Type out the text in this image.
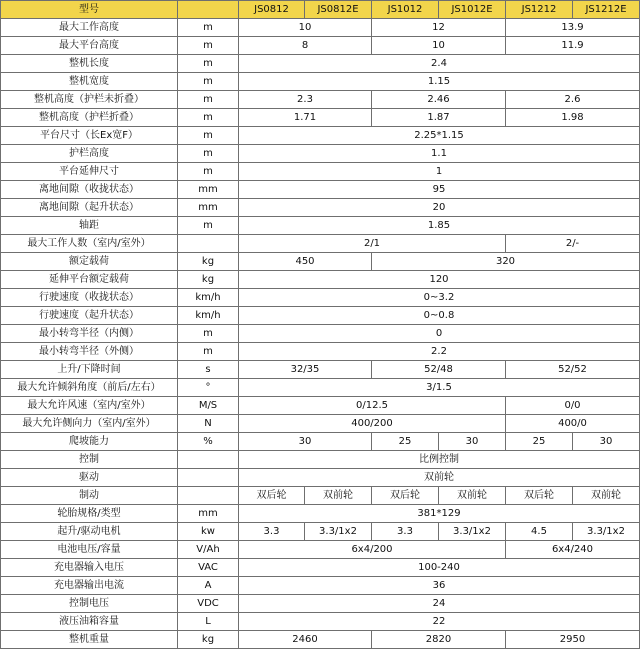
型号		JS0812	JS0812E	JS1012	JS1012E	JS1212	JS1212E
最大工作高度	m	10		12		13.9	
最大平台高度	m	8		10		11.9	
整机长度	m	2.4					
整机宽度	m	1.15					
整机高度（护栏未折叠）	m	2.3		2.46		2.6	
整机高度（护栏折叠）	m	1.71		1.87		1.98	
平台尺寸（长Ex宽F）	m	2.25*1.15					
护栏高度	m	1.1					
平台延伸尺寸	m	1					
离地间隙（收拢状态）	mm	95					
离地间隙（起升状态）	mm	20					
轴距	m	1.85					
最大工作人数（室内/室外）		2/1				2/-	
额定载荷	kg	450		320			
延伸平台额定载荷	kg	120					
行驶速度（收拢状态）	km/h	0~3.2					
行驶速度（起升状态）	km/h	0~0.8					
最小转弯半径（内侧）	m	0					
最小转弯半径（外侧）	m	2.2					
上升/下降时间	s	32/35		52/48		52/52	
最大允许倾斜角度（前后/左右）	°	3/1.5					
最大允许风速（室内/室外）	M/S	0/12.5				0/0	
最大允许侧向力（室内/室外）	N	400/200				400/0	
爬坡能力	%	30		25	30	25	30
控制		比例控制					
驱动		双前轮					
制动		双后轮	双前轮	双后轮	双前轮	双后轮	双前轮
轮胎规格/类型	mm	381*129					
起升/驱动电机	kw	3.3	3.3/1x2	3.3	3.3/1x2	4.5	3.3/1x2
电池电压/容量	V/Ah	6x4/200				6x4/240	
充电器输入电压	VAC	100-240					
充电器输出电流	A	36					
控制电压	VDC	24					
液压油箱容量	L	22					
整机重量	kg	2460		2820		2950	
